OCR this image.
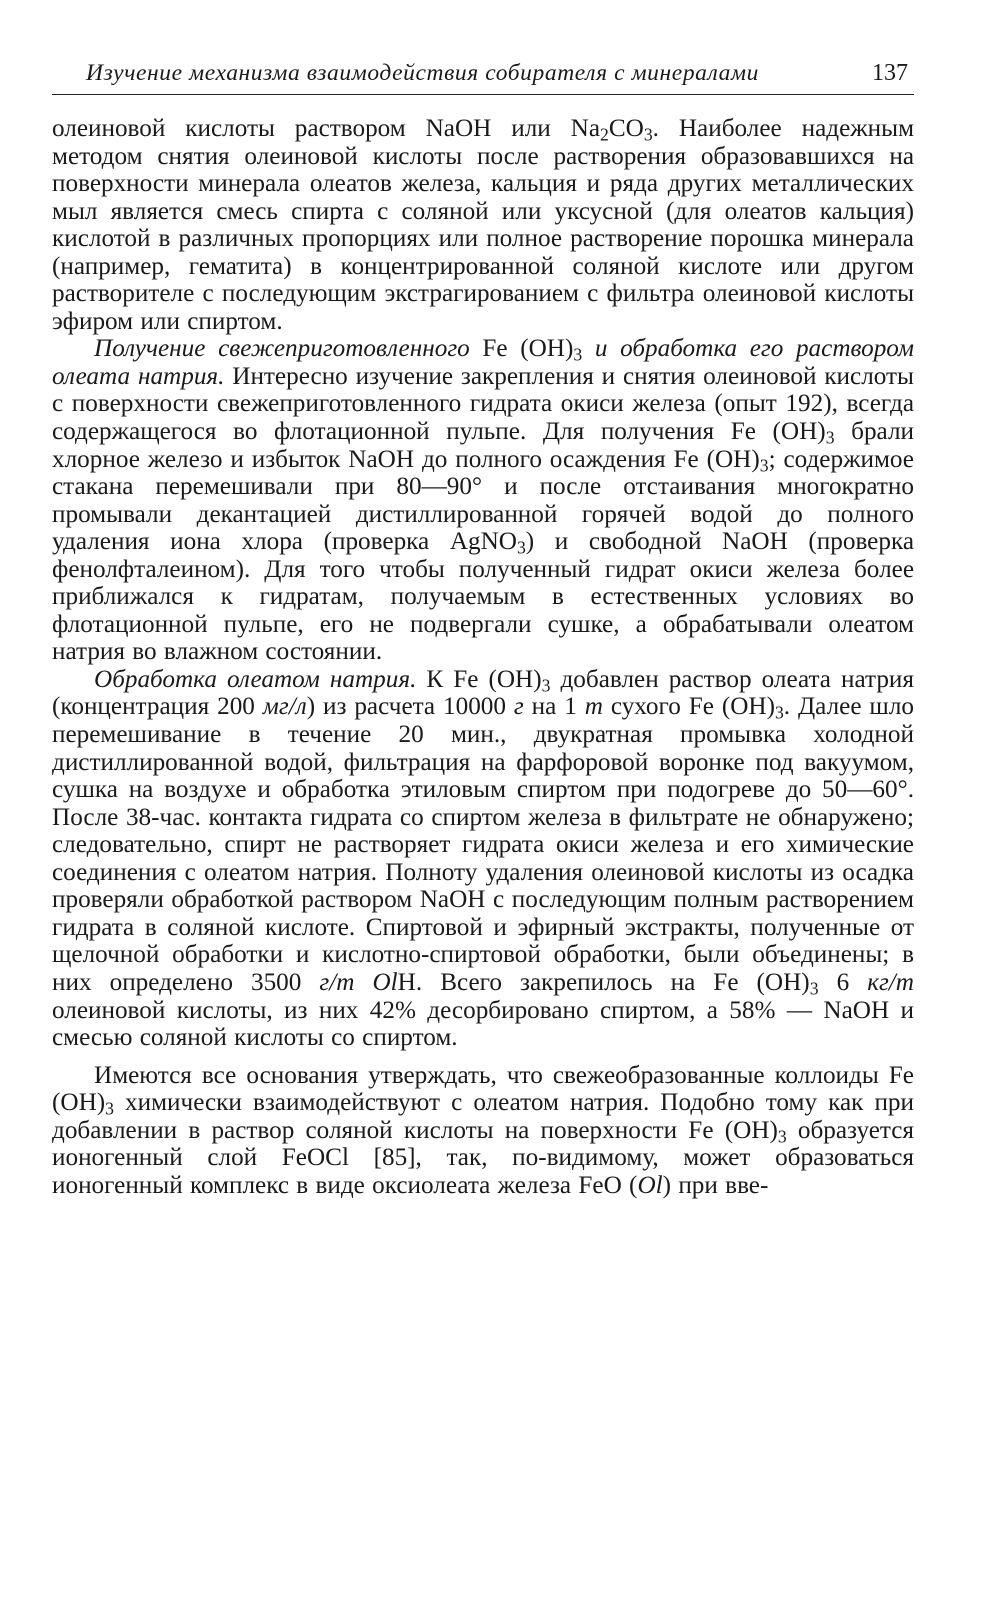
Изучение механизма взаимодействия собирателя с минералами	137

олеиновой кислоты раствором NaOH или $Na_2CO_3$. Наиболее надежным методом снятия олеиновой кислоты после растворения образовавшихся на поверхности минерала олеатов железа, кальция и ряда других металлических мыл является смесь спирта с соляной или уксусной (для олеатов кальция) кислотой в различных пропорциях или полное растворение порошка минерала (например, гематита) в концентрированной соляной кислоте или другом растворителе с последующим экстрагированием с фильтра олеиновой кислоты эфиром или спиртом.

Получение свежеприготовленного Fe $(OH)_3$ и обработка его раствором олеата натрия. Интересно изучение закрепления и снятия олеиновой кислоты с поверхности свежеприготовленного гидрата окиси железа (опыт 192), всегда содержащегося во флотационной пульпе. Для получения Fe $(OH)_3$ брали хлорное железо и избыток NaOH до полного осаждения Fe $(OH)_3$; содержимое стакана перемешивали при 80—90° и после отстаивания многократно промывали декантацией дистиллированной горячей водой до полного удаления иона хлора (проверка AgNO$_3$) и свободной NaOH (проверка фенолфталеином). Для того чтобы полученный гидрат окиси железа более приближался к гидратам, получаемым в естественных условиях во флотационной пульпе, его не подвергали сушке, а обрабатывали олеатом натрия во влажном состоянии.

Обработка олеатом натрия. К Fe $(OH)_3$ добавлен раствор олеата натрия (концентрация 200 мг/л) из расчета 10000 г на 1 т сухого Fe $(OH)_3$. Далее шло перемешивание в течение 20 мин., двукратная промывка холодной дистиллированной водой, фильтрация на фарфоровой воронке под вакуумом, сушка на воздухе и обработка этиловым спиртом при подогреве до 50—60°. После 38-час. контакта гидрата со спиртом железа в фильтрате не обнаружено; следовательно, спирт не растворяет гидрата окиси железа и его химические соединения с олеатом натрия. Полноту удаления олеиновой кислоты из осадка проверяли обработкой раствором NaOH с последующим полным растворением гидрата в соляной кислоте. Спиртовой и эфирный экстракты, полученные от щелочной обработки и кислотно-спиртовой обработки, были объединены; в них определено 3500 г/т OlH. Всего закрепилось на Fe $(OH)_3$ 6 кг/т олеиновой кислоты, из них 42% десорбировано спиртом, а 58% — NaOH и смесью соляной кислоты со спиртом.

Имеются все основания утверждать, что свежеобразованные коллоиды Fe $(OH)_3$ химически взаимодействуют с олеатом натрия. Подобно тому как при добавлении в раствор соляной кислоты на поверхности Fe $(OH)_3$ образуется ионогенный слой FeOCl [85], так, по-видимому, может образоваться ионогенный комплекс в виде оксиолеата железа FeO (Ol) при вве-
